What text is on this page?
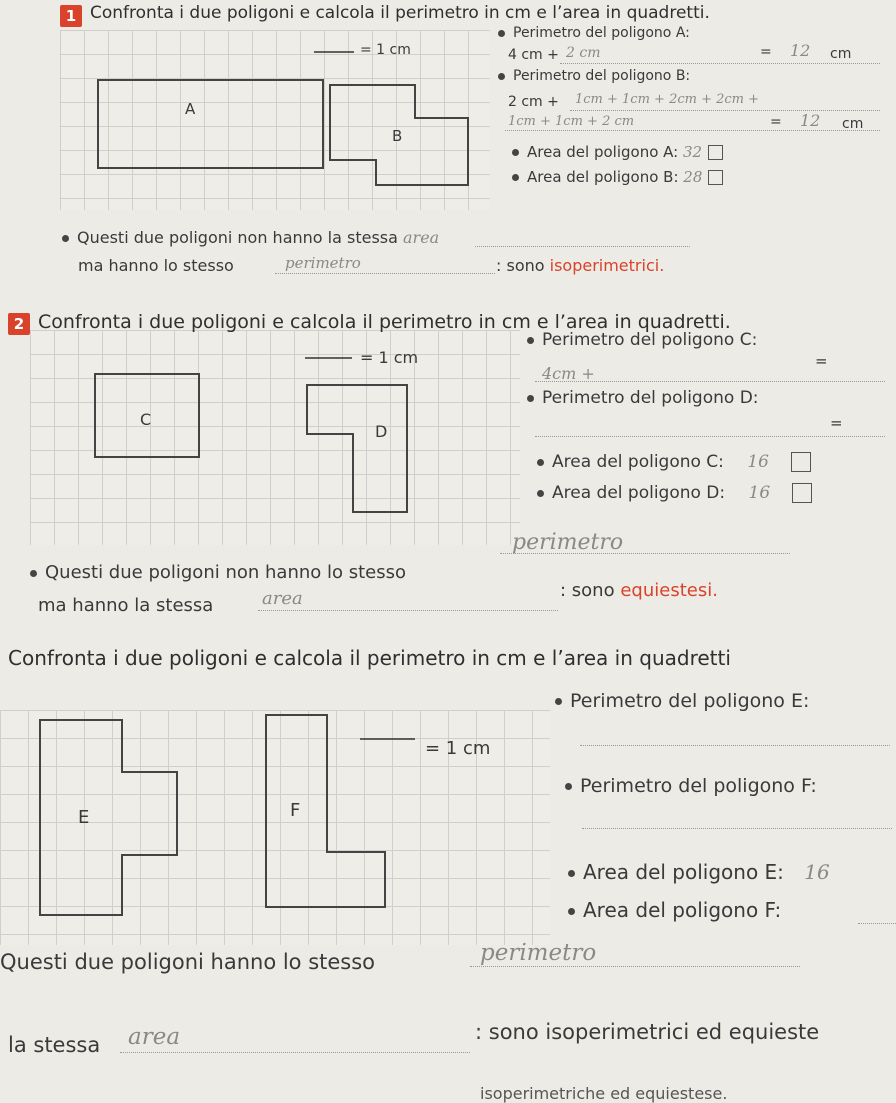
1 Confronta i due poligoni e calcola il perimetro in cm e l’area in quadretti.
= 1 cm
A
B
Perimetro del poligono A:
4 cm + 2 cm	= 12 cm
Perimetro del poligono B:
2 cm + 1cm + 1cm + 2cm + 2cm +
1cm + 1cm + 2 cm	= 12 cm
Area del poligono A: 32
Area del poligono B: 28
Questi due poligoni non hanno la stessa area
ma hanno lo stesso	perimetro	: sono isoperimetrici.
2 Confronta i due poligoni e calcola il perimetro in cm e l’area in quadretti.
= 1 cm
C
D
Perimetro del poligono C:
4cm +
=
Perimetro del poligono D:
=
Area del poligono C: 16
Area del poligono D: 16
Questi due poligoni non hanno lo stesso
perimetro
ma hanno la stessa	area	: sono equiestesi.
Confronta i due poligoni e calcola il perimetro in cm e l’area in quadretti
= 1 cm
E	F
Perimetro del poligono E:
Perimetro del poligono F:
Area del poligono E: 16
Area del poligono F:
Questi due poligoni hanno lo stesso	perimetro
la stessa area	: sono isoperimetrici ed equieste
isoperimetriche ed equiestese.
